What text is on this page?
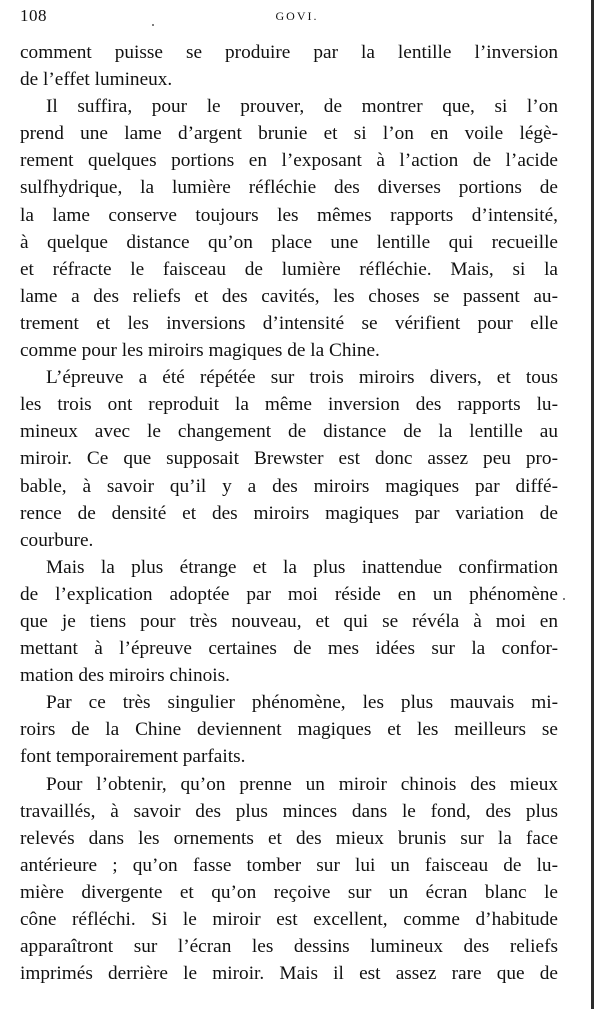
108	GOVI.
comment puisse se produire par la lentille l’inversion
de l’effet lumineux.
Il suffira, pour le prouver, de montrer que, si l’on
prend une lame d’argent brunie et si l’on en voile légè-
rement quelques portions en l’exposant à l’action de l’acide
sulfhydrique, la lumière réfléchie des diverses portions de
la lame conserve toujours les mêmes rapports d’intensité,
à quelque distance qu’on place une lentille qui recueille
et réfracte le faisceau de lumière réfléchie. Mais, si la
lame a des reliefs et des cavités, les choses se passent au-
trement et les inversions d’intensité se vérifient pour elle
comme pour les miroirs magiques de la Chine.
L’épreuve a été répétée sur trois miroirs divers, et tous
les trois ont reproduit la même inversion des rapports lu-
mineux avec le changement de distance de la lentille au
miroir. Ce que supposait Brewster est donc assez peu pro-
bable, à savoir qu’il y a des miroirs magiques par diffé-
rence de densité et des miroirs magiques par variation de
courbure.
Mais la plus étrange et la plus inattendue confirmation
de l’explication adoptée par moi réside en un phénomène
que je tiens pour très nouveau, et qui se révéla à moi en
mettant à l’épreuve certaines de mes idées sur la confor-
mation des miroirs chinois.
Par ce très singulier phénomène, les plus mauvais mi-
roirs de la Chine deviennent magiques et les meilleurs se
font temporairement parfaits.
Pour l’obtenir, qu’on prenne un miroir chinois des mieux
travaillés, à savoir des plus minces dans le fond, des plus
relevés dans les ornements et des mieux brunis sur la face
antérieure ; qu’on fasse tomber sur lui un faisceau de lu-
mière divergente et qu’on reçoive sur un écran blanc le
cône réfléchi. Si le miroir est excellent, comme d’habitude
apparaîtront sur l’écran les dessins lumineux des reliefs
imprimés derrière le miroir. Mais il est assez rare que de
